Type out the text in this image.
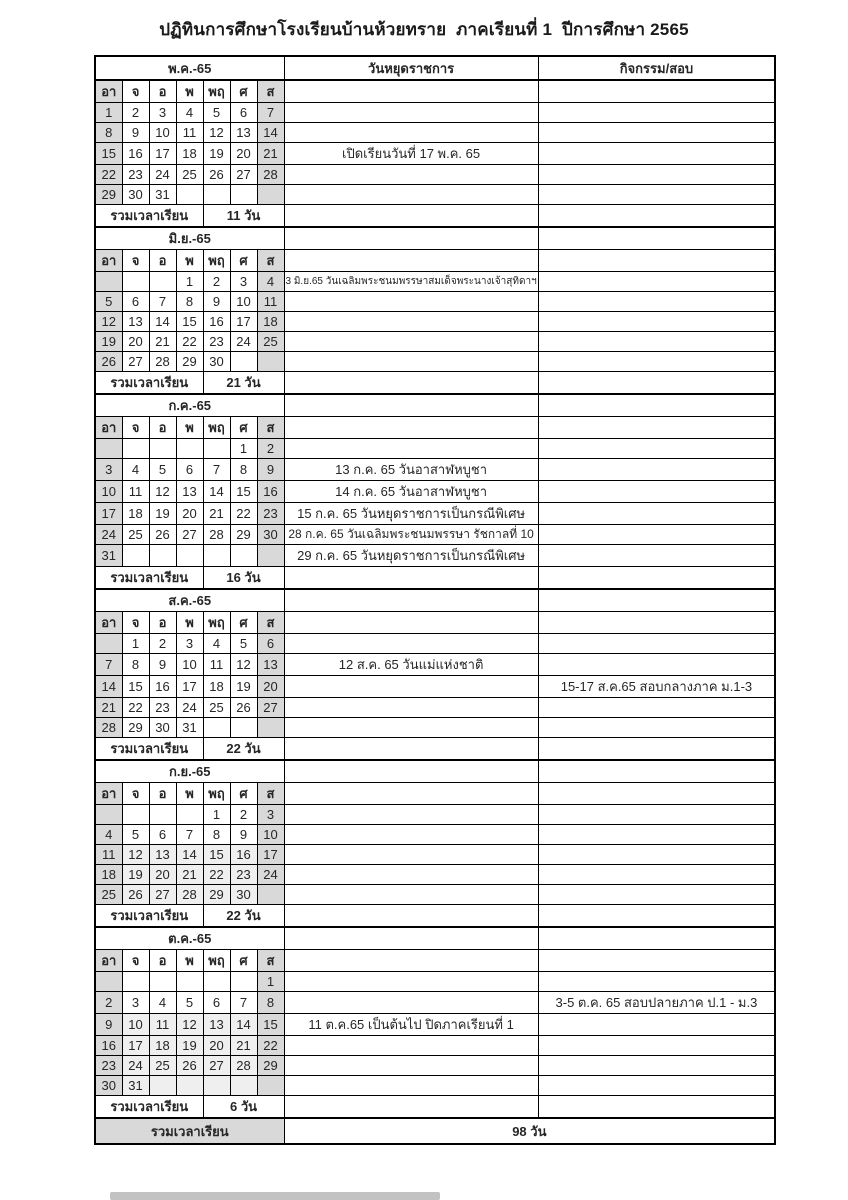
ปฏิทินการศึกษาโรงเรียนบ้านห้วยทราย  ภาคเรียนที่ 1  ปีการศึกษา 2565
พ.ค.-65							วันหยุดราชการ	กิจกรรม/สอบ
อา	จ	อ	พ	พฤ	ศ	ส		
1	2	3	4	5	6	7		
8	9	10	11	12	13	14		
15	16	17	18	19	20	21	เปิดเรียนวันที่ 17 พ.ค. 65	
22	23	24	25	26	27	28		
29	30	31						
รวมเวลาเรียน				11 วัน				
มิ.ย.-65								
อา	จ	อ	พ	พฤ	ศ	ส		
			1	2	3	4	3 มิ.ย.65 วันเฉลิมพระชนมพรรษาสมเด็จพระนางเจ้าสุทิดาฯ	
5	6	7	8	9	10	11		
12	13	14	15	16	17	18		
19	20	21	22	23	24	25		
26	27	28	29	30				
รวมเวลาเรียน				21 วัน				
ก.ค.-65								
อา	จ	อ	พ	พฤ	ศ	ส		
					1	2		
3	4	5	6	7	8	9	13 ก.ค. 65 วันอาสาฬหบูชา	
10	11	12	13	14	15	16	14 ก.ค. 65 วันอาสาฬหบูชา	
17	18	19	20	21	22	23	15 ก.ค. 65 วันหยุดราชการเป็นกรณีพิเศษ	
24	25	26	27	28	29	30	28 ก.ค. 65 วันเฉลิมพระชนมพรรษา รัชกาลที่ 10	
31							29 ก.ค. 65 วันหยุดราชการเป็นกรณีพิเศษ	
รวมเวลาเรียน				16 วัน				
ส.ค.-65								
อา	จ	อ	พ	พฤ	ศ	ส		
	1	2	3	4	5	6		
7	8	9	10	11	12	13	12 ส.ค. 65 วันแม่แห่งชาติ	
14	15	16	17	18	19	20		15-17 ส.ค.65 สอบกลางภาค ม.1-3
21	22	23	24	25	26	27		
28	29	30	31					
รวมเวลาเรียน				22 วัน				
ก.ย.-65								
อา	จ	อ	พ	พฤ	ศ	ส		
				1	2	3		
4	5	6	7	8	9	10		
11	12	13	14	15	16	17		
18	19	20	21	22	23	24		
25	26	27	28	29	30			
รวมเวลาเรียน				22 วัน				
ต.ค.-65								
อา	จ	อ	พ	พฤ	ศ	ส		
						1		
2	3	4	5	6	7	8		3-5 ต.ค. 65 สอบปลายภาค ป.1 - ม.3
9	10	11	12	13	14	15	11 ต.ค.65 เป็นต้นไป ปิดภาคเรียนที่ 1	
16	17	18	19	20	21	22		
23	24	25	26	27	28	29		
30	31							
รวมเวลาเรียน				6 วัน				
รวมเวลาเรียน							98 วัน	
